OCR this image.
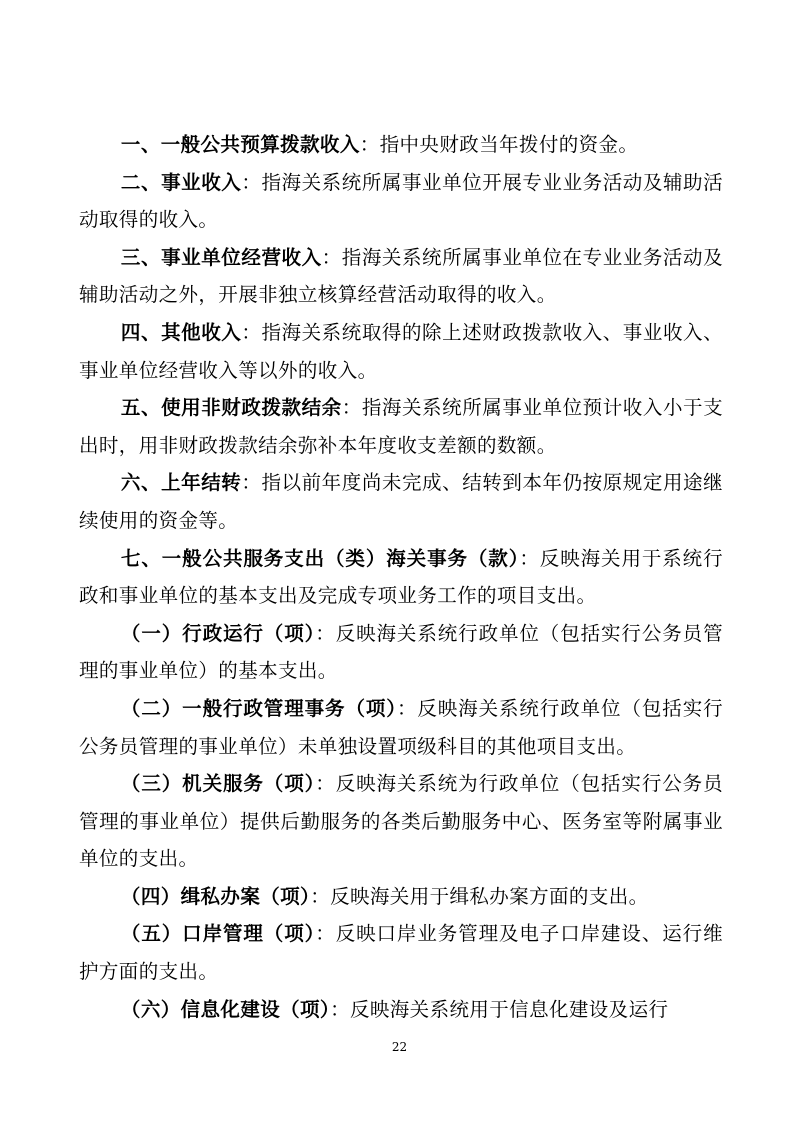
一、一般公共预算拨款收入：指中央财政当年拨付的资金。

二、事业收入：指海关系统所属事业单位开展专业业务活动及辅助活动取得的收入。

三、事业单位经营收入：指海关系统所属事业单位在专业业务活动及辅助活动之外，开展非独立核算经营活动取得的收入。

四、其他收入：指海关系统取得的除上述财政拨款收入、事业收入、事业单位经营收入等以外的收入。

五、使用非财政拨款结余：指海关系统所属事业单位预计收入小于支出时，用非财政拨款结余弥补本年度收支差额的数额。

六、上年结转：指以前年度尚未完成、结转到本年仍按原规定用途继续使用的资金等。

七、一般公共服务支出（类）海关事务（款）：反映海关用于系统行政和事业单位的基本支出及完成专项业务工作的项目支出。

（一）行政运行（项）：反映海关系统行政单位（包括实行公务员管理的事业单位）的基本支出。

（二）一般行政管理事务（项）：反映海关系统行政单位（包括实行公务员管理的事业单位）未单独设置项级科目的其他项目支出。

（三）机关服务（项）：反映海关系统为行政单位（包括实行公务员管理的事业单位）提供后勤服务的各类后勤服务中心、医务室等附属事业单位的支出。

（四）缉私办案（项）：反映海关用于缉私办案方面的支出。

（五）口岸管理（项）：反映口岸业务管理及电子口岸建设、运行维护方面的支出。

（六）信息化建设（项）：反映海关系统用于信息化建设及运行

22
